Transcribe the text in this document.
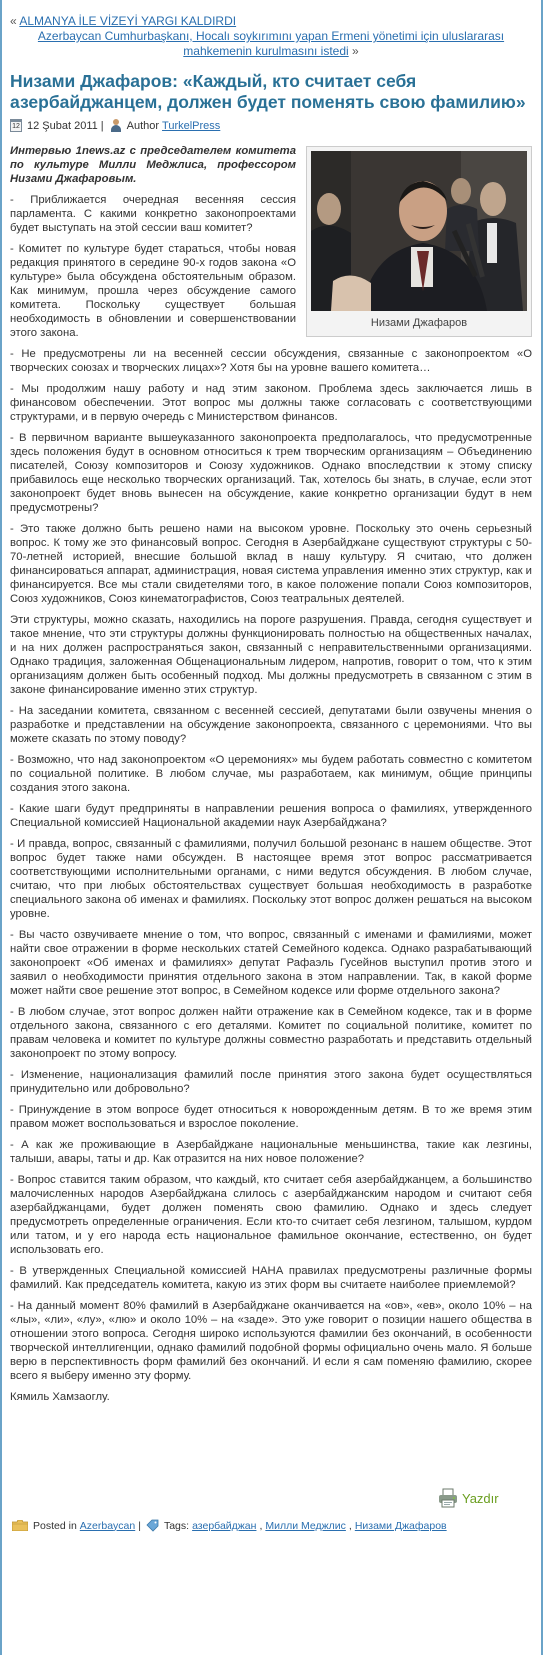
« ALMANYA İLE VİZEYİ YARGI KALDIRDI
Azerbaycan Cumhurbaşkanı, Hocalı soykırımını yapan Ermeni yönetimi için uluslararası mahkemenin kurulmasını istedi »
Низами Джафаров: «Каждый, кто считает себя азербайджанцем, должен будет поменять свою фамилию»
12 12 Şubat 2011 | Author TurkelPress
Низами Джафаров

Интервью 1news.az с председателем комитета по культуре Милли Меджлиса, профессором Низами Джафаровым.

- Приближается очередная весенняя сессия парламента. С какими конкретно законопроектами будет выступать на этой сессии ваш комитет?

- Комитет по культуре будет стараться, чтобы новая редакция принятого в середине 90-х годов закона «О культуре» была обсуждена обстоятельным образом. Как минимум, прошла через обсуждение самого комитета. Поскольку существует большая необходимость в обновлении и совершенствовании этого закона.

- Не предусмотрены ли на весенней сессии обсуждения, связанные с законопроектом «О творческих союзах и творческих лицах»? Хотя бы на уровне вашего комитета…

- Мы продолжим нашу работу и над этим законом. Проблема здесь заключается лишь в финансовом обеспечении. Этот вопрос мы должны также согласовать с соответствующими структурами, и в первую очередь с Министерством финансов.

- В первичном варианте вышеуказанного законопроекта предполагалось, что предусмотренные здесь положения будут в основном относиться к трем творческим организациям – Объединению писателей, Союзу композиторов и Союзу художников. Однако впоследствии к этому списку прибавилось еще несколько творческих организаций. Так, хотелось бы знать, в случае, если этот законопроект будет вновь вынесен на обсуждение, какие конкретно организации будут в нем предусмотрены?

- Это также должно быть решено нами на высоком уровне. Поскольку это очень серьезный вопрос. К тому же это финансовый вопрос. Сегодня в Азербайджане существуют структуры с 50-70-летней историей, внесшие большой вклад в нашу культуру. Я считаю, что должен финансироваться аппарат, администрация, новая система управления именно этих структур, как и финансируется. Все мы стали свидетелями того, в какое положение попали Союз композиторов, Союз художников, Союз кинематографистов, Союз театральных деятелей.

Эти структуры, можно сказать, находились на пороге разрушения. Правда, сегодня существует и такое мнение, что эти структуры должны функционировать полностью на общественных началах, и на них должен распространяться закон, связанный с неправительственными организациями. Однако традиция, заложенная Общенациональным лидером, напротив, говорит о том, что к этим организациям должен быть особенный подход. Мы должны предусмотреть в связанном с этим в законе финансирование именно этих структур.

- На заседании комитета, связанном с весенней сессией, депутатами были озвучены мнения о разработке и представлении на обсуждение законопроекта, связанного с церемониями. Что вы можете сказать по этому поводу?

- Возможно, что над законопроектом «О церемониях» мы будем работать совместно с комитетом по социальной политике. В любом случае, мы разработаем, как минимум, общие принципы создания этого закона.

- Какие шаги будут предприняты в направлении решения вопроса о фамилиях, утвержденного Специальной комиссией Национальной академии наук Азербайджана?

- И правда, вопрос, связанный с фамилиями, получил большой резонанс в нашем обществе. Этот вопрос будет также нами обсужден. В настоящее время этот вопрос рассматривается соответствующими исполнительными органами, с ними ведутся обсуждения. В любом случае, считаю, что при любых обстоятельствах существует большая необходимость в разработке специального закона об именах и фамилиях. Поскольку этот вопрос должен решаться на высоком уровне.

- Вы часто озвучиваете мнение о том, что вопрос, связанный с именами и фамилиями, может найти свое отражении в форме нескольких статей Семейного кодекса. Однако разрабатывающий законопроект «Об именах и фамилиях» депутат Рафаэль Гусейнов выступил против этого и заявил о необходимости принятия отдельного закона в этом направлении. Так, в какой форме может найти свое решение этот вопрос, в Семейном кодексе или форме отдельного закона?

- В любом случае, этот вопрос должен найти отражение как в Семейном кодексе, так и в форме отдельного закона, связанного с его деталями. Комитет по социальной политике, комитет по правам человека и комитет по культуре должны совместно разработать и представить отдельный законопроект по этому вопросу.

- Изменение, национализация фамилий после принятия этого закона будет осуществляться принудительно или добровольно?

- Принуждение в этом вопросе будет относиться к новорожденным детям. В то же время этим правом может воспользоваться и взрослое поколение.

- А как же проживающие в Азербайджане национальные меньшинства, такие как лезгины, талыши, авары, таты и др. Как отразится на них новое положение?

- Вопрос ставится таким образом, что каждый, кто считает себя азербайджанцем, а большинство малочисленных народов Азербайджана слилось с азербайджанским народом и считают себя азербайджанцами, будет должен поменять свою фамилию. Однако и здесь следует предусмотреть определенные ограничения. Если кто-то считает себя лезгином, талышом, курдом или татом, и у его народа есть национальное фамильное окончание, естественно, он будет использовать его.

- В утвержденных Специальной комиссией НАНА правилах предусмотрены различные формы фамилий. Как председатель комитета, какую из этих форм вы считаете наиболее приемлемой?

- На данный момент 80% фамилий в Азербайджане оканчивается на «ов», «ев», около 10% – на «лы», «ли», «лу», «лю» и около 10% – на «заде». Это уже говорит о позиции нашего общества в отношении этого вопроса. Сегодня широко используются фамилии без окончаний, в особенности творческой интеллигенции, однако фамилий подобной формы официально очень мало. Я больше верю в перспективность форм фамилий без окончаний. И если я сам поменяю фамилию, скорее всего я выберу именно эту форму.

Кямиль Хамзаоглу.

Yazdır
Posted in Azerbaycan | Tags: азербайджан , Милли Меджлис , Низами Джафаров
